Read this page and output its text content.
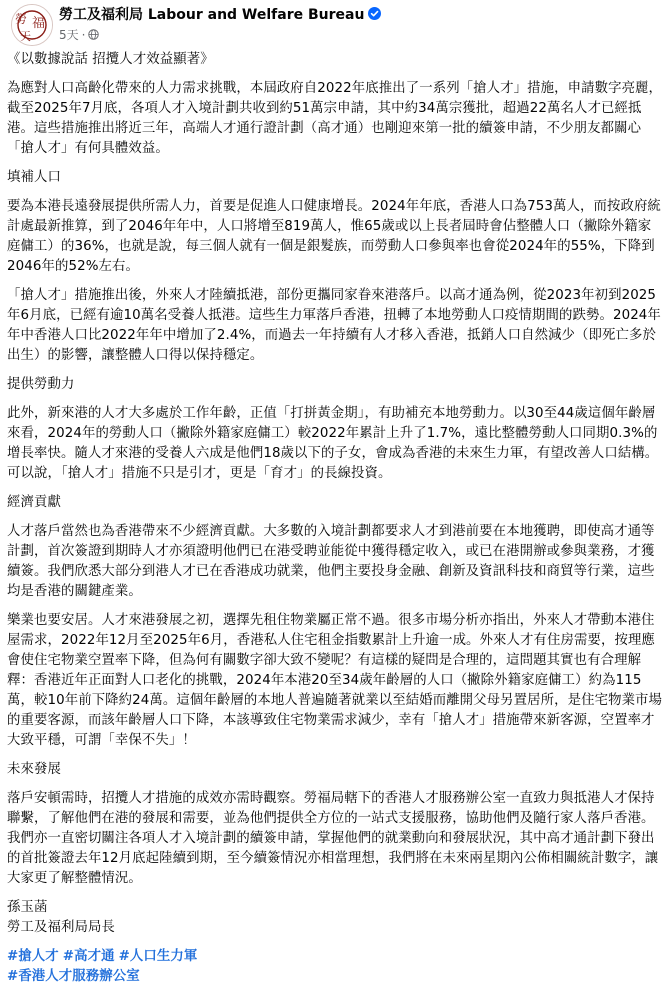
勞 福
天
勞工及福利局 Labour and Welfare Bureau
5天 ·

《以數據說話 招攬人才效益顯著》

為應對人口高齡化帶來的人力需求挑戰，本屆政府自2022年底推出了一系列「搶人才」措施，申請數字亮麗，截至2025年7月底，各項人才入境計劃共收到約51萬宗申請，其中約34萬宗獲批，超過22萬名人才已經抵港。這些措施推出將近三年，高端人才通行證計劃（高才通）也剛迎來第一批的續簽申請，不少朋友都關心「搶人才」有何具體效益。

填補人口

要為本港長遠發展提供所需人力，首要是促進人口健康增長。2024年年底，香港人口為753萬人，而按政府統計處最新推算，到了2046年年中，人口將增至819萬人，惟65歲或以上長者屆時會佔整體人口（撇除外籍家庭傭工）的36%，也就是說，每三個人就有一個是銀髮族，而勞動人口參與率也會從2024年的55%，下降到2046年的52%左右。

「搶人才」措施推出後，外來人才陸續抵港，部份更攜同家眷來港落戶。以高才通為例，從2023年初到2025年6月底，已經有逾10萬名受養人抵港。這些生力軍落戶香港，扭轉了本地勞動人口疫情期間的跌勢。2024年年中香港人口比2022年年中增加了2.4%，而過去一年持續有人才移入香港，抵銷人口自然減少（即死亡多於出生）的影響，讓整體人口得以保持穩定。

提供勞動力

此外，新來港的人才大多處於工作年齡，正值「打拼黃金期」，有助補充本地勞動力。以30至44歲這個年齡層來看，2024年的勞動人口（撇除外籍家庭傭工）較2022年累計上升了1.7%，遠比整體勞動人口同期0.3%的增長率快。隨人才來港的受養人六成是他們18歲以下的子女，會成為香港的未來生力軍，有望改善人口結構。可以說，「搶人才」措施不只是引才，更是「育才」的長線投資。

經濟貢獻

人才落戶當然也為香港帶來不少經濟貢獻。大多數的入境計劃都要求人才到港前要在本地獲聘，即使高才通等計劃，首次簽證到期時人才亦須證明他們已在港受聘並能從中獲得穩定收入，或已在港開辦或參與業務，才獲續簽。我們欣悉大部分到港人才已在香港成功就業，他們主要投身金融、創新及資訊科技和商貿等行業，這些均是香港的關鍵產業。

樂業也要安居。人才來港發展之初，選擇先租住物業屬正常不過。很多市場分析亦指出，外來人才帶動本港住屋需求，2022年12月至2025年6月，香港私人住宅租金指數累計上升逾一成。外來人才有住房需要，按理應會使住宅物業空置率下降，但為何有關數字卻大致不變呢？有這樣的疑問是合理的，這問題其實也有合理解釋：香港近年正面對人口老化的挑戰，2024年本港20至34歲年齡層的人口（撇除外籍家庭傭工）約為115萬，較10年前下降約24萬。這個年齡層的本地人普遍隨著就業以至結婚而離開父母另置居所，是住宅物業市場的重要客源，而該年齡層人口下降，本該導致住宅物業需求減少，幸有「搶人才」措施帶來新客源，空置率才大致平穩，可謂「幸保不失」！

未來發展

落戶安頓需時，招攬人才措施的成效亦需時觀察。勞福局轄下的香港人才服務辦公室一直致力與抵港人才保持聯繫，了解他們在港的發展和需要，並為他們提供全方位的一站式支援服務，協助他們及隨行家人落戶香港。我們亦一直密切關注各項人才入境計劃的續簽申請，掌握他們的就業動向和發展狀況，其中高才通計劃下發出的首批簽證去年12月底起陸續到期，至今續簽情況亦相當理想，我們將在未來兩星期內公佈相關統計數字，讓大家更了解整體情況。

孫玉菡

勞工及福利局局長

#搶人才 #高才通 #人口生力軍

#香港人才服務辦公室
